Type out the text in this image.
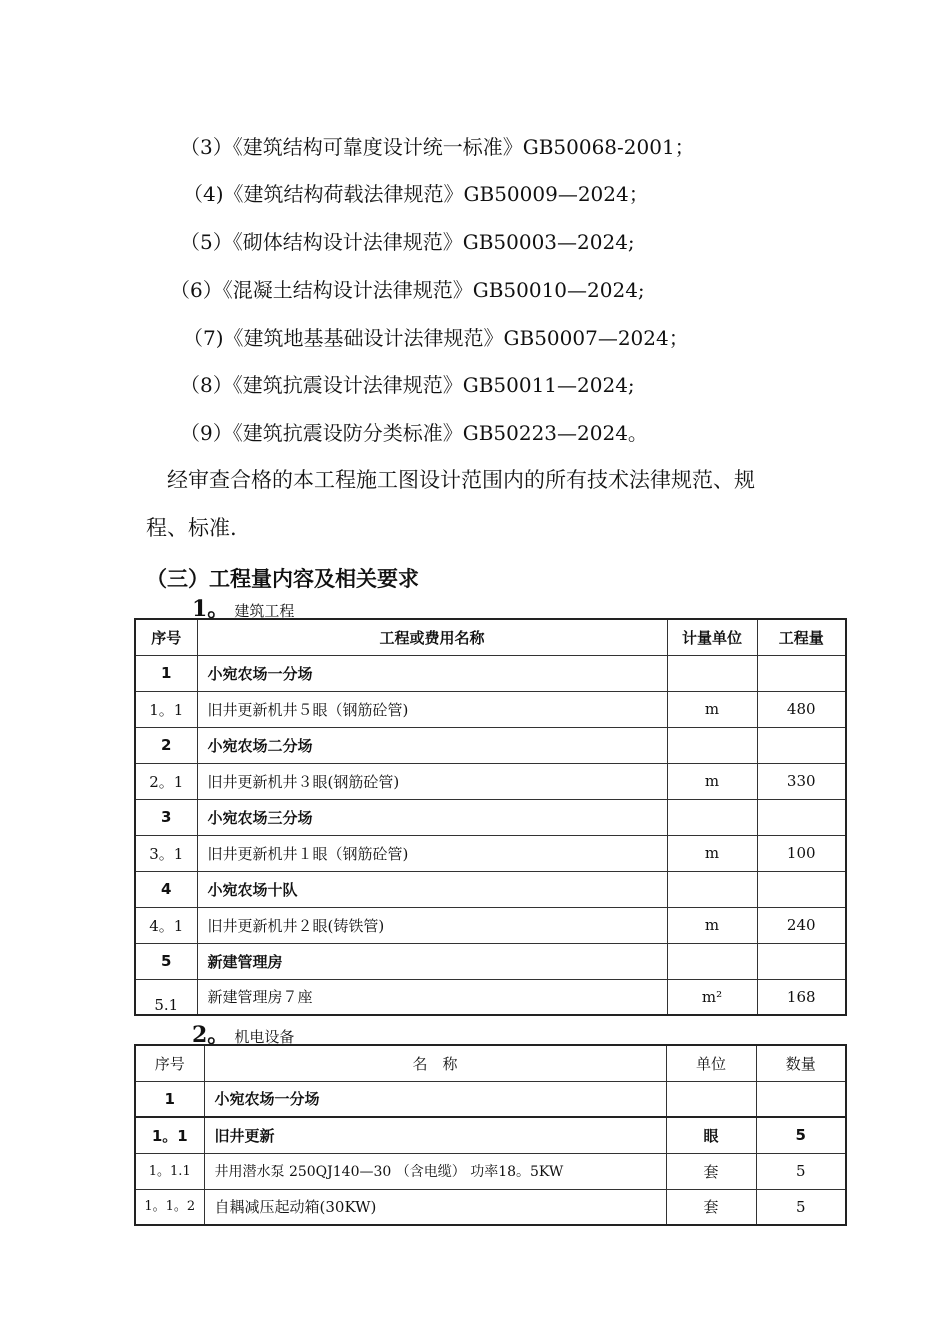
（3）《建筑结构可靠度设计统一标准》GB50068-2001；
（4)《建筑结构荷载法律规范》GB50009—2024；
（5）《砌体结构设计法律规范》GB50003—2024;
（6）《混凝土结构设计法律规范》GB50010—2024;
（7)《建筑地基基础设计法律规范》GB50007—2024；
（8）《建筑抗震设计法律规范》GB50011—2024;
（9）《建筑抗震设防分类标准》GB50223—2024。
经审查合格的本工程施工图设计范围内的所有技术法律规范、规
程、标准.
（三）工程量内容及相关要求
1。 建筑工程
序号	工程或费用名称	计量单位	工程量
1	小宛农场一分场		
1。1	旧井更新机井５眼（钢筋砼管)	m	480
2	小宛农场二分场		
2。1	旧井更新机井３眼(钢筋砼管)	m	330
3	小宛农场三分场		
3。1	旧井更新机井１眼（钢筋砼管)	m	100
4	小宛农场十队		
4。1	旧井更新机井２眼(铸铁管)	m	240
5	新建管理房		
5.1	新建管理房７座	m²	168
2。 机电设备
序号	名　称	单位	数量
1	小宛农场一分场		
1。1	旧井更新	眼	5
1。1.1	井用潜水泵 250QJ140—30 （含电缆） 功率18。5KW	套	5
1。1。2	自耦减压起动箱(30KW)	套	5
